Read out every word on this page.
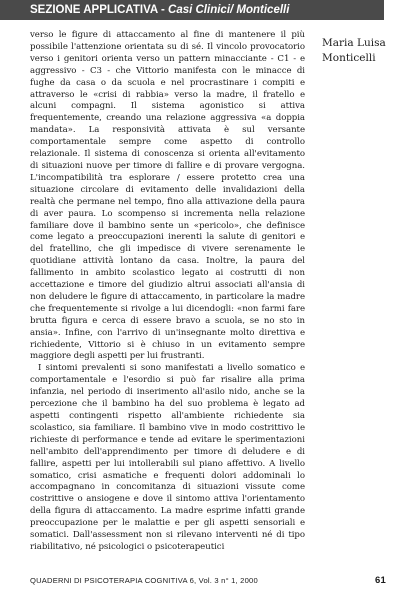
SEZIONE APPLICATIVA - Casi Clinici/ Monticelli

verso le figure di attaccamento al fine di mantenere il più possibile l'attenzione orientata su di sé. Il vincolo provocatorio verso i genitori orienta verso un pattern minacciante - C1 - e aggressivo - C3 - che Vittorio manifesta con le minacce di fughe da casa o da scuola e nel procrastinare i compiti e attraverso le «crisi di rabbia» verso la madre, il fratello e alcuni compagni. Il sistema agonistico si attiva frequentemente, creando una relazione aggressiva «a doppia mandata». La responsività attivata è sul versante comportamentale sempre come aspetto di controllo relazionale. Il sistema di conoscenza si orienta all'evitamento di situazioni nuove per timore di fallire e di provare vergogna. L'incompatibilità tra esplorare / essere protetto crea una situazione circolare di evitamento delle invalidazioni della realtà che permane nel tempo, fino alla attivazione della paura di aver paura. Lo scompenso si incrementa nella relazione familiare dove il bambino sente un «pericolo», che definisce come legato a preoccupazioni inerenti la salute di genitori e del fratellino, che gli impedisce di vivere serenamente le quotidiane attività lontano da casa. Inoltre, la paura del fallimento in ambito scolastico legato ai costrutti di non accettazione e timore del giudizio altrui associati all'ansia di non deludere le figure di attaccamento, in particolare la madre che frequentemente si rivolge a lui dicendogli: «non farmi fare brutta figura e cerca di essere bravo a scuola, se no sto in ansia». Infine, con l'arrivo di un'insegnante molto direttiva e richiedente, Vittorio si è chiuso in un evitamento sempre maggiore degli aspetti per lui frustranti.

I sintomi prevalenti si sono manifestati a livello somatico e comportamentale e l'esordio si può far risalire alla prima infanzia, nel periodo di inserimento all'asilo nido, anche se la percezione che il bambino ha del suo problema è legato ad aspetti contingenti rispetto all'ambiente richiedente sia scolastico, sia familiare. Il bambino vive in modo costrittivo le richieste di performance e tende ad evitare le sperimentazioni nell'ambito dell'apprendimento per timore di deludere e di fallire, aspetti per lui intollerabili sul piano affettivo. A livello somatico, crisi asmatiche e frequenti dolori addominali lo accompagnano in concomitanza di situazioni vissute come costrittive o ansiogene e dove il sintomo attiva l'orientamento della figura di attaccamento. La madre esprime infatti grande preoccupazione per le malattie e per gli aspetti sensoriali e somatici. Dall'assessment non si rilevano interventi né di tipo riabilitativo, né psicologici o psicoterapeutici

Maria Luisa Monticelli
QUADERNI DI PSICOTERAPIA COGNITIVA 6, Vol. 3 n° 1, 2000	61
